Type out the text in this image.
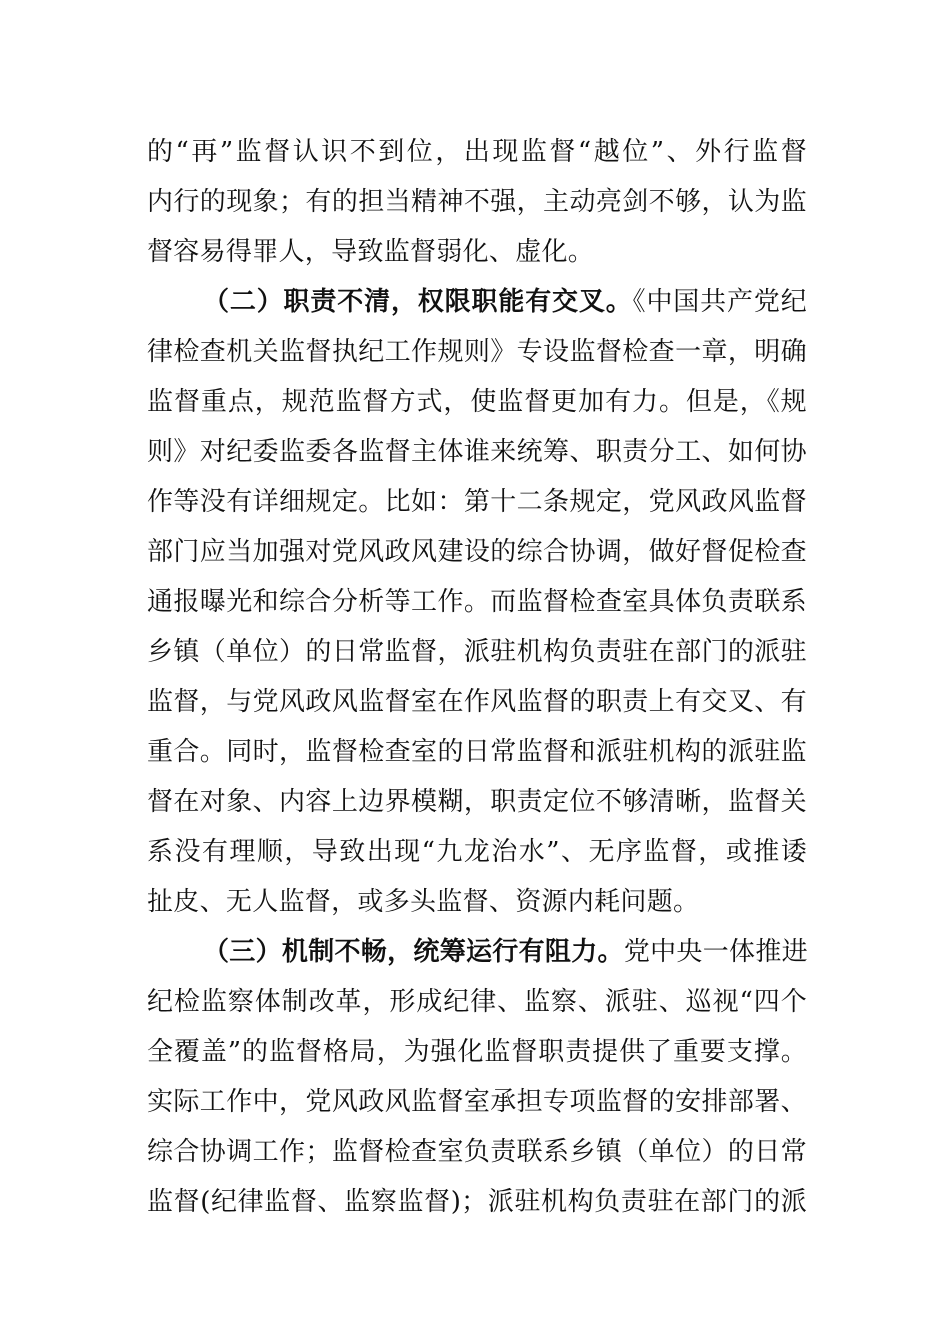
的“再”监督认识不到位，出现监督“越位”、外行监督
内行的现象；有的担当精神不强，主动亮剑不够，认为监
督容易得罪人，导致监督弱化、虚化。
（二）职责不清，权限职能有交叉。《中国共产党纪
律检查机关监督执纪工作规则》专设监督检查一章，明确
监督重点，规范监督方式，使监督更加有力。但是，《规
则》对纪委监委各监督主体谁来统筹、职责分工、如何协
作等没有详细规定。比如：第十二条规定，党风政风监督
部门应当加强对党风政风建设的综合协调，做好督促检查
通报曝光和综合分析等工作。而监督检查室具体负责联系
乡镇（单位）的日常监督，派驻机构负责驻在部门的派驻
监督，与党风政风监督室在作风监督的职责上有交叉、有
重合。同时，监督检查室的日常监督和派驻机构的派驻监
督在对象、内容上边界模糊，职责定位不够清晰，监督关
系没有理顺，导致出现“九龙治水”、无序监督，或推诿
扯皮、无人监督，或多头监督、资源内耗问题。
（三）机制不畅，统筹运行有阻力。党中央一体推进
纪检监察体制改革，形成纪律、监察、派驻、巡视“四个
全覆盖”的监督格局，为强化监督职责提供了重要支撑。
实际工作中，党风政风监督室承担专项监督的安排部署、
综合协调工作；监督检查室负责联系乡镇（单位）的日常
监督(纪律监督、监察监督)；派驻机构负责驻在部门的派
